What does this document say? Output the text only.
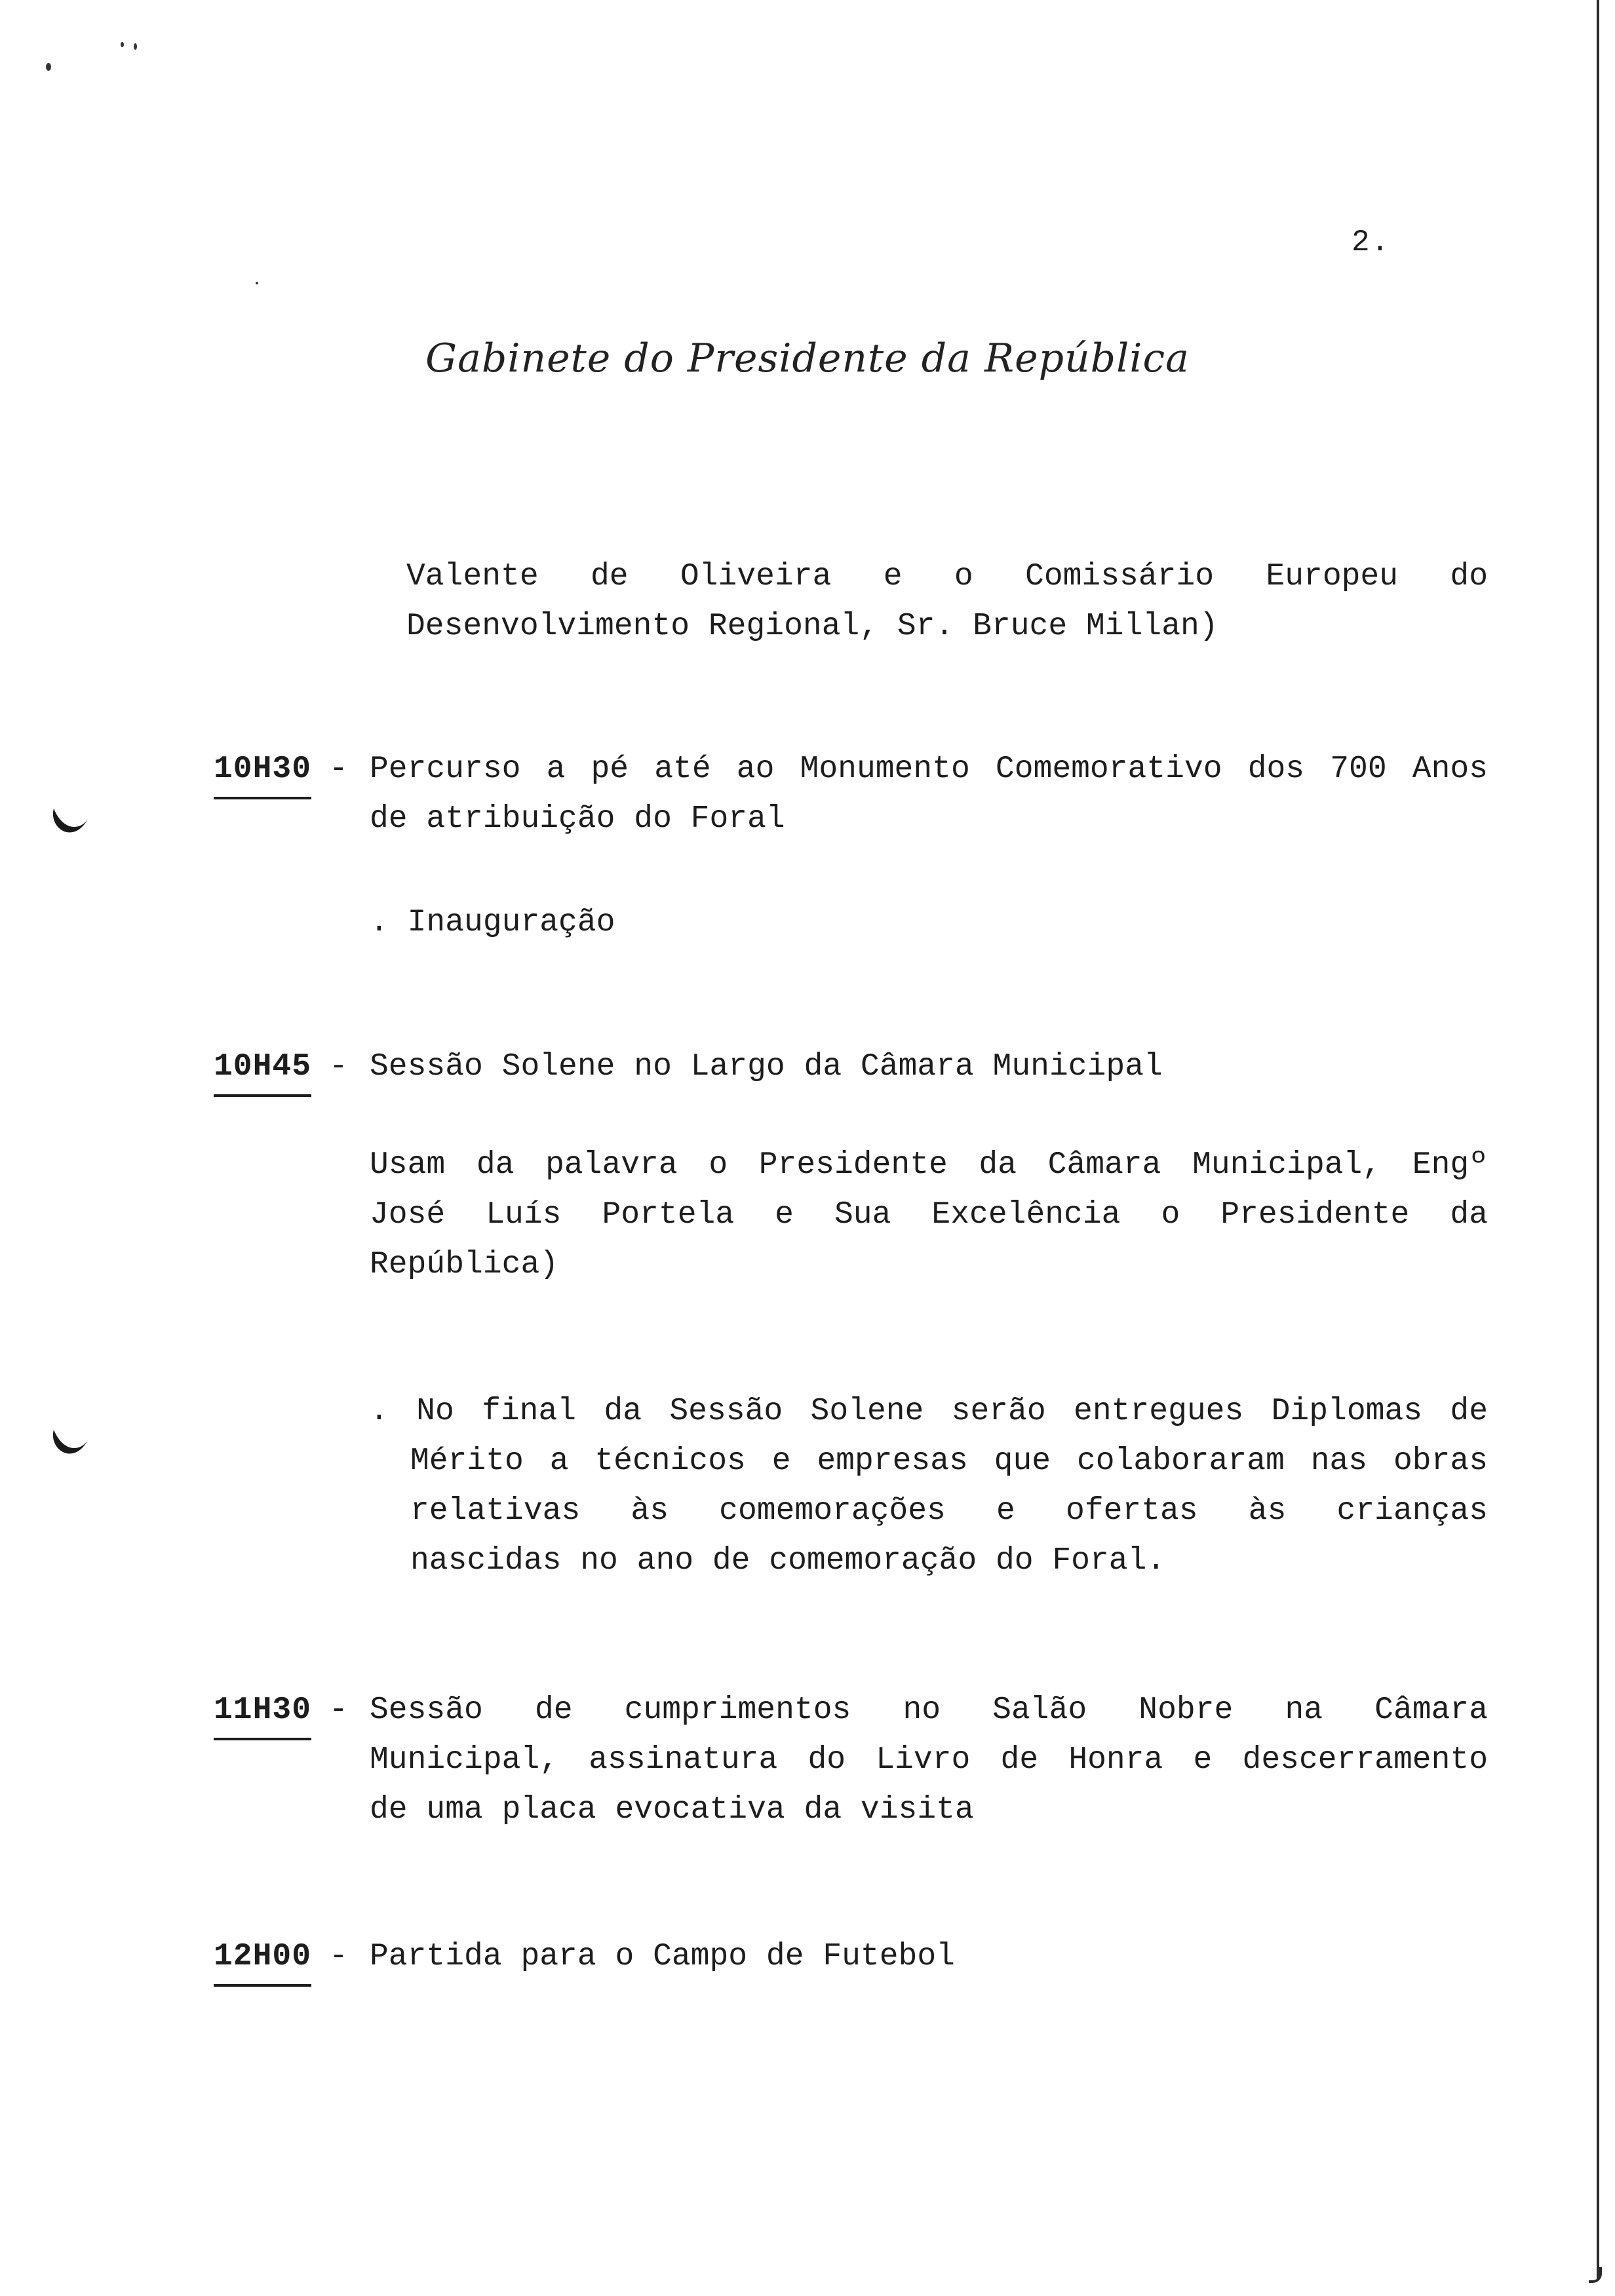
2.
Gabinete do Presidente da República
Valente de Oliveira e o Comissário Europeu do
Desenvolvimento Regional, Sr. Bruce Millan)
10H30 - Percurso a pé até ao Monumento Comemorativo dos 700 Anos
de atribuição do Foral
. Inauguração
10H45 - Sessão Solene no Largo da Câmara Municipal
Usam da palavra o Presidente da Câmara Municipal, Engº
José Luís Portela e Sua Excelência o Presidente da
República)
. No final da Sessão Solene serão entregues Diplomas de
Mérito a técnicos e empresas que colaboraram nas obras
relativas às comemorações e ofertas às crianças
nascidas no ano de comemoração do Foral.
11H30 - Sessão de cumprimentos no Salão Nobre na Câmara
Municipal, assinatura do Livro de Honra e descerramento
de uma placa evocativa da visita
12H00 - Partida para o Campo de Futebol
